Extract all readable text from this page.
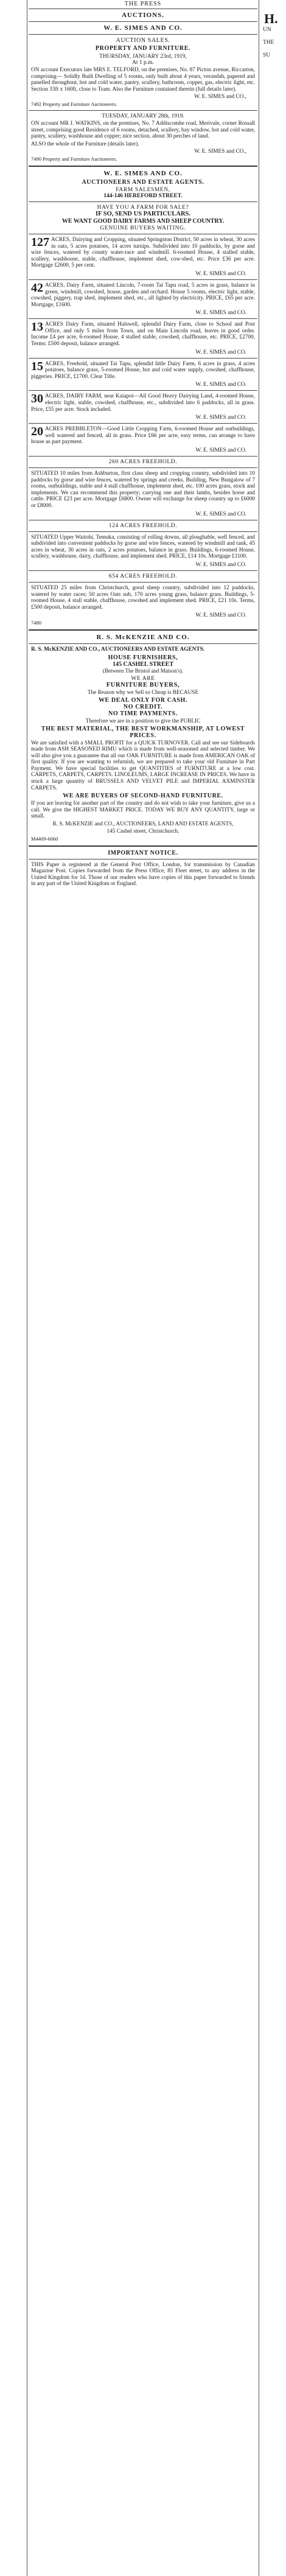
THE PRESS
AUCTIONS.
W. E. SIMES AND CO.
AUCTION SALES.
PROPERTY AND FURNITURE.
THURSDAY, JANUARY 23rd, 1919,
At 1 p.m.
ON account Executors late MRS E. TELFORD, on the premises, No. 87 Picton avenue, Riccarton, comprising— Solidly Built Dwelling of 5 rooms, only built about 4 years, verandah, papered and panelled throughout, hot and cold water, pantry, scullery, bathroom, copper, gas, electric light, etc. Section 33ft x 160ft, close to Tram. Also the Furniture contained therein (full details later).
W. E. SIMES and CO.,
7492 Property and Furniture Auctioneers.
TUESDAY, JANUARY 28th, 1919.
ON account MR J. WATKINS, on the premises, No. 7 Addiscombe road, Merivale, corner Rossall street, comprising good Residence of 6 rooms, detached, scullery, bay window, hot and cold water, pantry, scullery, washhouse and copper; nice section, about 30 perches of land.
ALSO the whole of the Furniture (details later).
W. E. SIMES and CO.,
7490 Property and Furniture Auctioneers.
W. E. SIMES AND CO.
AUCTIONEERS AND ESTATE AGENTS.
FARM SALESMEN,
144-146 HEREFORD STREET.
HAVE YOU A FARM FOR SALE?
IF SO, SEND US PARTICULARS.
WE WANT GOOD DAIRY FARMS AND SHEEP COUNTRY.
GENUINE BUYERS WAITING.
127 ACRES, Dairying and Cropping, situated Springston District, 50 acres in wheat, 30 acres in oats, 5 acres potatoes, 14 acres turnips. Subdivided into 10 paddocks, by gorse and wire fences, watered by county water-race and windmill. 6-roomed House, 4 stalled stable, scullery, washhouse, stable, chaffhouse, implement shed, cow-shed, etc. Price £36 per acre. Mortgage £2600, 5 per cent.
W. E. SIMES and CO.
42 ACRES, Dairy Farm, situated Lincoln, 7-room Tai Tapu road, 5 acres in grass, balance in green, windmill, cowshed, house, garden and orchard. House 5 rooms, electric light, stable, cowshed, piggery, trap shed, implement shed, etc., all lighted by electricity. PRICE, £65 per acre. Mortgage, £1600.
W. E. SIMES and CO.
13 ACRES Dairy Farm, situated Halswell, splendid Dairy Farm, close to School and Post Office, and only 5 miles from Town, and on Main Lincoln road, leaves in good order. Income £4 per acre, 6-roomed House, 4 stalled stable, cowshed, chaffhouse, etc. PRICE, £2700, Terms: £500 deposit, balance arranged.
W. E. SIMES and CO.
15 ACRES, Freehold, situated Tai Tapu, splendid little Dairy Farm, 6 acres in grass, 4 acres potatoes, balance grass, 5-roomed House, hot and cold water supply, cowshed, chaffhouse, piggeries. PRICE, £1700. Clear Title.
W. E. SIMES and CO.
30 ACRES, DAIRY FARM, near Kaiapoi—All Good Heavy Dairying Land, 4-roomed House, electric light, stable, cowshed, chaffhouse, etc., subdivided into 6 paddocks, all in grass. Price, £55 per acre. Stock included.
W. E. SIMES and CO.
20 ACRES PREBBLETON—Good Little Cropping Farm, 6-roomed House and outbuildings, well watered and fenced, all in grass. Price £66 per acre, easy terms, can arrange to have house as part payment.
W. E. SIMES and CO.
260 ACRES FREEHOLD.
SITUATED 10 miles from Ashburton, first class sheep and cropping country, subdivided into 10 paddocks by gorse and wire fences, watered by springs and creeks. Building, New Bungalow of 7 rooms, outbuildings, stable and 4 stall chaffhouse, implement shed, etc. 100 acres grass, stock and implements. We can recommend this property; carrying one and their lambs, besides horse and cattle. PRICE £23 per acre. Mortgage £6800. Owner will exchange for sheep country up to £6000 or £8000.
W. E. SIMES and CO.
124 ACRES FREEHOLD.
SITUATED Upper Waitohi, Temuka, consisting of rolling downs, all ploughable, well fenced, and subdivided into convenient paddocks by gorse and wire fences, watered by windmill and tank, 45 acres in wheat, 30 acres in oats, 2 acres potatoes, balance in grass. Buildings, 6-roomed House, scullery, washhouse, dairy, chaffhouse, and implement shed. PRICE, £14 10s. Mortgage £1100.
W. E. SIMES and CO.
654 ACRES FREEHOLD.
SITUATED 25 miles from Christchurch, good sheep country, subdivided into 12 paddocks, watered by water races; 50 acres Oats sub, 170 acres young grass, balance grass. Buildings, 5-roomed House, 4 stall stable, chaffhouse, cowshed and implement shed. PRICE, £21 10s. Terms, £500 deposit, balance arranged.
W. E. SIMES and CO.
7480
R. S. McKENZIE AND CO.
R. S. McKENZIE AND CO., AUCTIONEERS AND ESTATE AGENTS.
HOUSE FURNISHERS,
145 CASHEL STREET
(Between The Bristol and Matson's).
WE ARE
FURNITURE BUYERS,
The Reason why we Sell so Cheap is BECAUSE
WE DEAL ONLY FOR CASH.
NO CREDIT.
NO TIME PAYMENTS.
Therefore we are in a position to give the PUBLIC
THE BEST MATERIAL, THE BEST WORKMANSHIP, AT LOWEST PRICES.
We are satisfied with a SMALL PROFIT for a QUICK TURNOVER. Call and see our Sideboards made from ASH SEASONED RIMU which is made from well-seasoned and selected timber. We will also give you a guarantee that all our OAK FURNITURE is made from AMERICAN OAK of first quality. If you are wanting to refurnish, we are prepared to take your old Furniture in Part Payment. We have special facilities to get QUANTITIES of FURNITURE at a low cost. CARPETS, CARPETS, CARPETS. LINOLEUMS, LARGE INCREASE IN PRICES. We have in stock a large quantity of BRUSSELS AND VELVET PILE and IMPERIAL AXMINSTER CARPETS.
WE ARE BUYERS OF SECOND-HAND FURNITURE.
If you are leaving for another part of the country and do not wish to take your furniture, give us a call. We give the HIGHEST MARKET PRICE. TODAY WE BUY ANY QUANTITY, large or small.
R. S. McKENZIE and CO., AUCTIONEERS, LAND AND ESTATE AGENTS,
145 Cashel street, Christchurch.
M4409-6060
IMPORTANT NOTICE.
THIS Paper is registered at the General Post Office, London, for transmission by Canadian Magazine Post. Copies forwarded from the Press Office, 85 Fleet street, to any address in the United Kingdom for 1d. Those of our readers who have copies of this paper forwarded to friends in any part of the United Kingdom or England.
H.
UN
THE
SU
